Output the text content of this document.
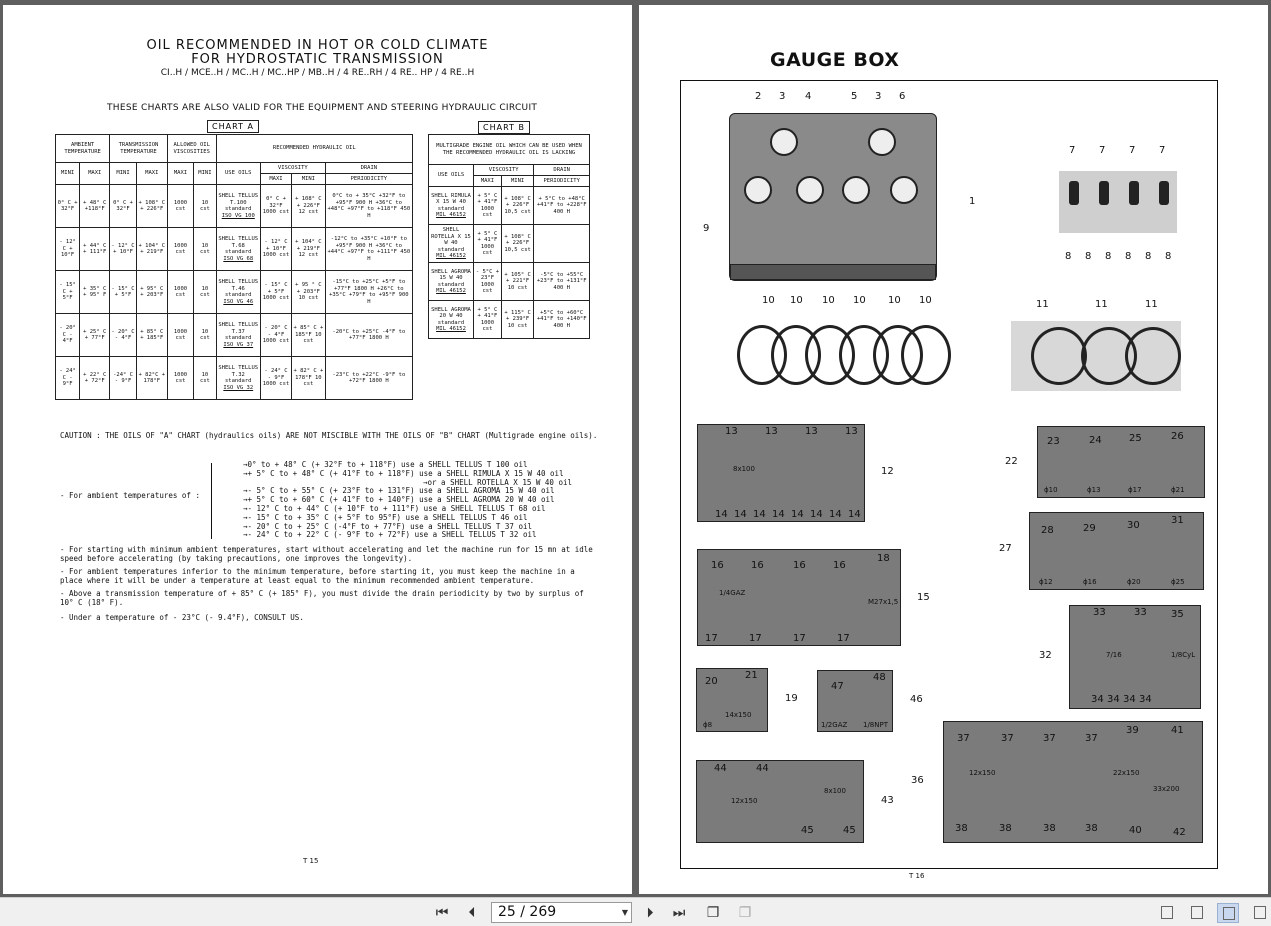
OIL RECOMMENDED IN HOT OR COLD CLIMATE
FOR HYDROSTATIC TRANSMISSION
CI..H / MCE..H / MC..H / MC..HP / MB..H / 4 RE..RH / 4 RE.. HP / 4 RE..H
THESE CHARTS ARE ALSO VALID FOR THE EQUIPMENT AND STEERING HYDRAULIC CIRCUIT
CHART A	CHART B
AMBIENT TEMPERATURE		TRANSMISSION TEMPERATURE		ALLOWED OIL VISCOSITIES		RECOMMENDED HYDRAULIC OIL			
MINI	MAXI	MINI	MAXI	MAXI	MINI	USE OILS	VISCOSITY		DRAIN
							MAXI	MINI	PERIODICITY
0° C + 32°F	+ 48° C +118°F	0° C + 32°F	+ 108° C + 226°F	1000 cst	10 cst	SHELL TELLUS T.100 standard
ISO VG 100	0° C + 32°F 1000 cst	+ 108° C + 226°F 12 cst	0°C to + 35°C +32°F to +95°F 900 H +36°C to +48°C +97°F to +118°F 450 H
- 12° C + 10°F	+ 44° C + 111°F	- 12° C + 10°F	+ 104° C + 219°F	1000 cst	10 cst	SHELL TELLUS T.68 standard
ISO VG 68	- 12° C + 10°F 1000 cst	+ 104° C + 219°F 12 cst	-12°C to +35°C +10°F to +95°F 900 H +36°C to +44°C +97°F to +111°F 450 H
- 15° C + 5°F	+ 35° C + 95° F	- 15° C + 5°F	+ 95° C + 203°F	1000 cst	10 cst	SHELL TELLUS T.46 standard
ISO VG 46	- 15° C + 5°F 1000 cst	+ 95 ° C + 203°F 10 cst	-15°C to +25°C +5°F to +77°F 1800 H +26°C to +35°C +79°F to +95°F 900 H
- 20° C - 4°F	+ 25° C + 77°F	- 20° C - 4°F	+ 85° C + 185°F	1000 cst	10 cst	SHELL TELLUS T.37 standard
ISO VG 37	- 20° C - 4°F 1000 cst	+ 85° C + 185°F 10 cst	-20°C to +25°C -4°F to +77°F 1800 H
- 24° C - 9°F	+ 22° C + 72°F	-24° C - 9°F	+ 82°C + 178°F	1000 cst	10 cst	SHELL TELLUS T.32 standard
ISO VG 32	- 24° C - 9°F 1000 cst	+ 82° C + 178°F 10 cst	-23°C to +22°C -9°F to +72°F 1800 H
MULTIGRADE ENGINE OIL WHICH CAN BE USED WHEN THE RECOMMENDED HYDRAULIC OIL IS LACKING			
USE OILS	VISCOSITY		DRAIN
	MAXI	MINI	PERIODICITY
SHELL RIMULA X 15 W 40 standard
MIL 46152	+ 5° C + 41°F 1000 cst	+ 108° C + 226°F 10,5 cst	+ 5°C to +48°C +41°F to +228°F 400 H
SHELL ROTELLA X 15 W 40 standard
MIL 46152	+ 5° C + 41°F 1000 cst	+ 108° C + 226°F 10,5 cst	
SHELL AGROMA 15 W 40 standard
MIL 46152	- 5°C + 23°F 1000 cst	+ 105° C + 221°F 10 cst	-5°C to +55°C +23°F to +131°F 400 H
SHELL AGROMA 20 W 40 standard
MIL 46152	+ 5° C + 41°F 1000 cst	+ 115° C + 239°F 10 cst	+5°C to +60°C +41°F to +140°F 400 H
CAUTION : THE OILS OF "A" CHART (hydraulics oils) ARE NOT MISCIBLE WITH THE OILS OF "B" CHART (Multigrade engine oils).
- For ambient temperatures of :
→ 0° to + 48° C (+ 32°F to + 118°F) use a SHELL TELLUS T 100 oil
→ + 5° C to + 48° C (+ 41°F to + 118°F) use a SHELL RIMULA X 15 W 40 oil
→ or a SHELL ROTELLA X 15 W 40 oil
→ - 5° C to + 55° C (+ 23°F to + 131°F) use a SHELL AGROMA 15 W 40 oil
→ + 5° C to + 60° C (+ 41°F to + 140°F) use a SHELL AGROMA 20 W 40 oil
→ - 12° C to + 44° C (+ 10°F to + 111°F) use a SHELL TELLUS T 68 oil
→ - 15° C to + 35° C (+ 5°F to 95°F) use a SHELL TELLUS T 46 oil
→ - 20° C to + 25° C (-4°F to + 77°F) use a SHELL TELLUS T 37 oil
→ - 24° C to + 22° C (- 9°F to + 72°F) use a SHELL TELLUS T 32 oil
- For starting with minimum ambient temperatures, start without accelerating and let the machine run for 15 mn at idle speed before accelerating (by taking precautions, one improves the longevity).
- For ambient temperatures inferior to the minimum temperature, before starting it, you must keep the machine in a place where it will be under a temperature at least equal to the minimum recommended ambient temperature.
- Above a transmission temperature of + 85° C (+ 185° F), you must divide the drain periodicity by two by surplus of 10° C (18° F).
- Under a temperature of - 23°C (- 9.4°F), CONSULT US.
T 15
GAUGE BOX
2 3 4	5 3 6
1
9
7 7 7 7
8 8 8 8 8 8
10 10 10 10 10 10	11	11	11
13	13	13	13
8x100	12
14 14 14 14 14 14 14 14
22
23	24	25	26
ϕ10	ϕ13	ϕ17	ϕ21
27
28	29	30	31
ϕ12	ϕ16	ϕ20	ϕ25
16	16	16	16
18
1/4GAZ
M27x1,5 15
17	17	17	17
32
33	33 35
7/16	1/8CyL
34 34 34 34
20
21
14x150
ϕ8
19
47
48
1/2GAZ 1/8NPT
46
36
37	37	37	37
39	41
12x150	22x150
33x200
38	38	38	38	40	42
44	44
45	45
8x100
12x150	43
T 16
⏮	⏴	25 / 269	▼	⏵	⏭	❐	❐
